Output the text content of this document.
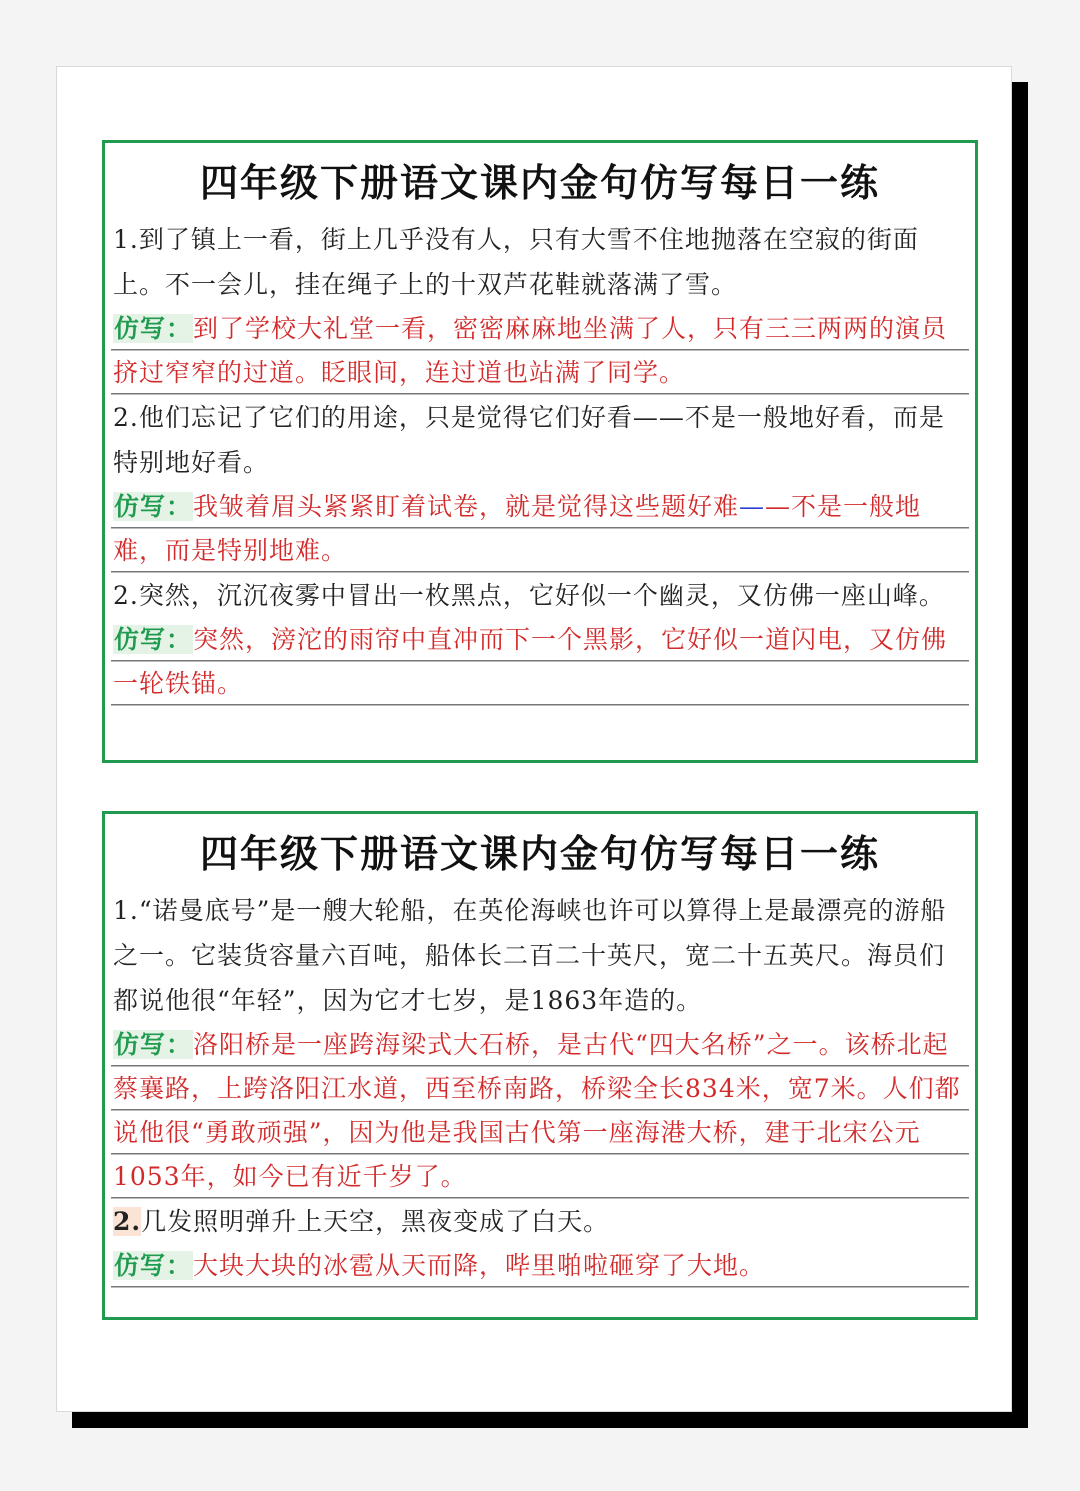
四年级下册语文课内金句仿写每日一练

1.到了镇上一看，街上几乎没有人，只有大雪不住地抛落在空寂的街面上。不一会儿，挂在绳子上的十双芦花鞋就落满了雪。

仿写：到了学校大礼堂一看，密密麻麻地坐满了人，只有三三两两的演员挤过窄窄的过道。眨眼间，连过道也站满了同学。

2.他们忘记了它们的用途，只是觉得它们好看——不是一般地好看，而是特别地好看。

仿写：我皱着眉头紧紧盯着试卷，就是觉得这些题好难——不是一般地难，而是特别地难。

2.突然，沉沉夜雾中冒出一枚黑点，它好似一个幽灵，又仿佛一座山峰。

仿写：突然，滂沱的雨帘中直冲而下一个黑影，它好似一道闪电，又仿佛一轮铁锚。

四年级下册语文课内金句仿写每日一练

1.“诺曼底号”是一艘大轮船，在英伦海峡也许可以算得上是最漂亮的游船之一。它装货容量六百吨，船体长二百二十英尺，宽二十五英尺。海员们都说他很“年轻”，因为它才七岁，是1863年造的。

仿写：洛阳桥是一座跨海梁式大石桥，是古代“四大名桥”之一。该桥北起蔡襄路，上跨洛阳江水道，西至桥南路，桥梁全长834米，宽7米。人们都说他很“勇敢顽强”，因为他是我国古代第一座海港大桥，建于北宋公元1053年，如今已有近千岁了。

2.几发照明弹升上天空，黑夜变成了白天。

仿写：大块大块的冰雹从天而降，哔里啪啦砸穿了大地。
